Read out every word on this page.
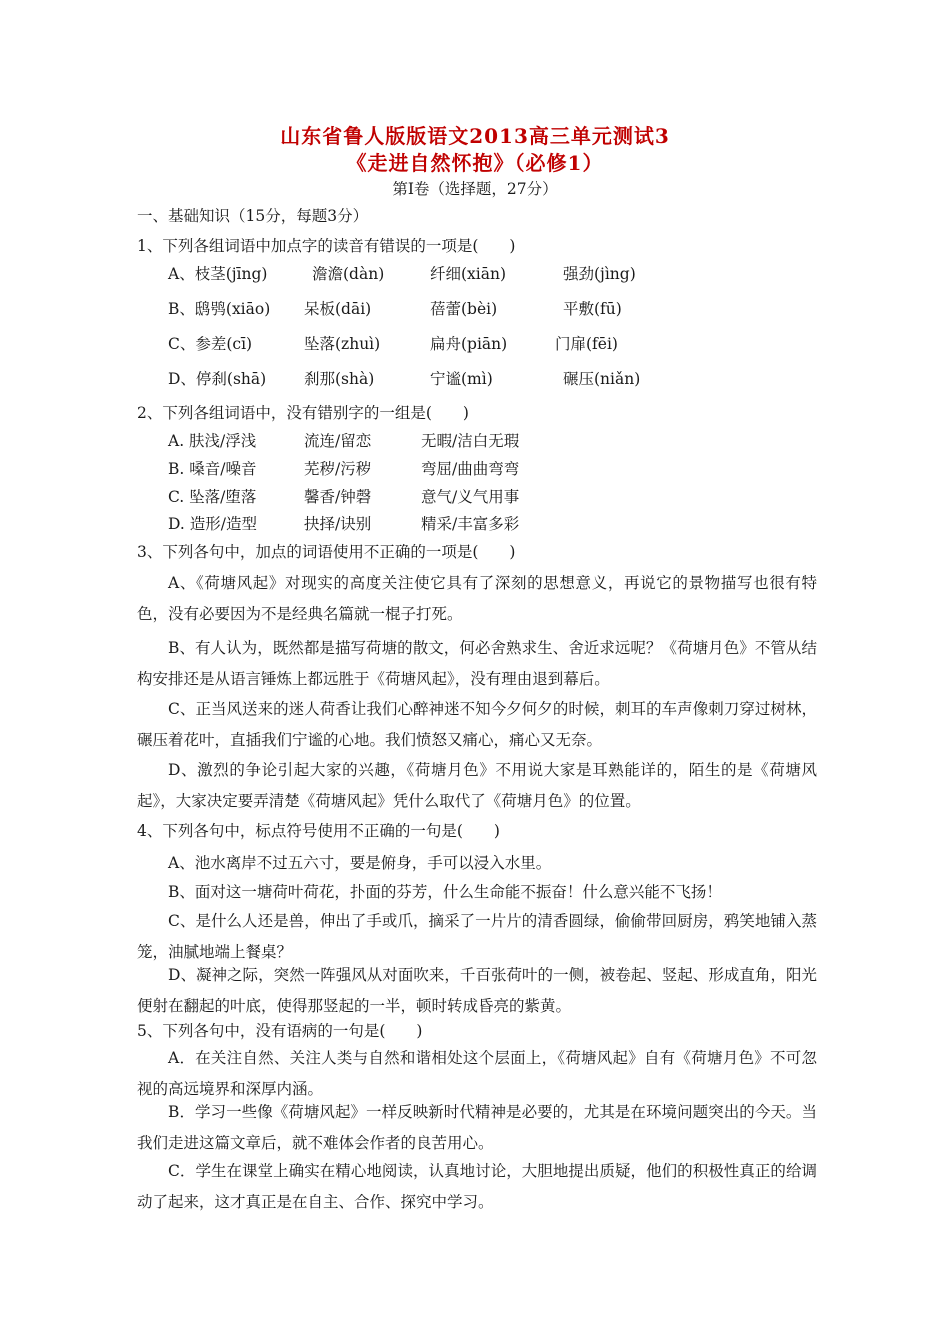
山东省鲁人版版语文2013高三单元测试3
《走进自然怀抱》（必修1）
第Ⅰ卷（选择题，27分）
一、基础知识（15分，每题3分）
1、下列各组词语中加点字的读音有错误的一项是(　　)
A、枝茎(jīng)	澹澹(dàn)	纤细(xiān)	强劲(jìng)
B、鸱鸮(xiāo) 呆板(dāi)	蓓蕾(bèi)	平敷(fū)
C、参差(cī)	坠落(zhuì)	扁舟(piān)	门扉(fēi)
D、停刹(shā) 刹那(shà)	宁谧(mì)	碾压(niǎn)
2、下列各组词语中，没有错别字的一组是(　　)
A. 肤浅/浮浅	流连/留恋	无暇/洁白无瑕
B. 嗓音/噪音	芜秽/污秽	弯屈/曲曲弯弯
C. 坠落/堕落	馨香/钟磬	意气/义气用事
D. 造形/造型	抉择/诀别	精采/丰富多彩
3、下列各句中，加点的词语使用不正确的一项是(　　)
A、《荷塘风起》对现实的高度关注使它具有了深刻的思想意义，再说它的景物描写也很有特色，没有必要因为不是经典名篇就一棍子打死。
B、有人认为，既然都是描写荷塘的散文，何必舍熟求生、舍近求远呢？《荷塘月色》不管从结构安排还是从语言锤炼上都远胜于《荷塘风起》，没有理由退到幕后。
C、正当风送来的迷人荷香让我们心醉神迷不知今夕何夕的时候，刺耳的车声像刺刀穿过树林，碾压着花叶，直插我们宁谧的心地。我们愤怒又痛心，痛心又无奈。
D、激烈的争论引起大家的兴趣，《荷塘月色》不用说大家是耳熟能详的，陌生的是《荷塘风起》，大家决定要弄清楚《荷塘风起》凭什么取代了《荷塘月色》的位置。
4、下列各句中，标点符号使用不正确的一句是(　　)
A、池水离岸不过五六寸，要是俯身，手可以浸入水里。
B、面对这一塘荷叶荷花，扑面的芬芳，什么生命能不振奋！什么意兴能不飞扬！
C、是什么人还是兽，伸出了手或爪，摘采了一片片的清香圆绿，偷偷带回厨房，鸦笑地铺入蒸笼，油腻地端上餐桌？
D、凝神之际，突然一阵强风从对面吹来，千百张荷叶的一侧，被卷起、竖起、形成直角，阳光便射在翻起的叶底，使得那竖起的一半，顿时转成昏亮的紫黄。
5、下列各句中，没有语病的一句是(　　)
A．在关注自然、关注人类与自然和谐相处这个层面上，《荷塘风起》自有《荷塘月色》不可忽视的高远境界和深厚内涵。
B．学习一些像《荷塘风起》一样反映新时代精神是必要的，尤其是在环境问题突出的今天。当我们走进这篇文章后，就不难体会作者的良苦用心。
C．学生在课堂上确实在精心地阅读，认真地讨论，大胆地提出质疑，他们的积极性真正的给调动了起来，这才真正是在自主、合作、探究中学习。
